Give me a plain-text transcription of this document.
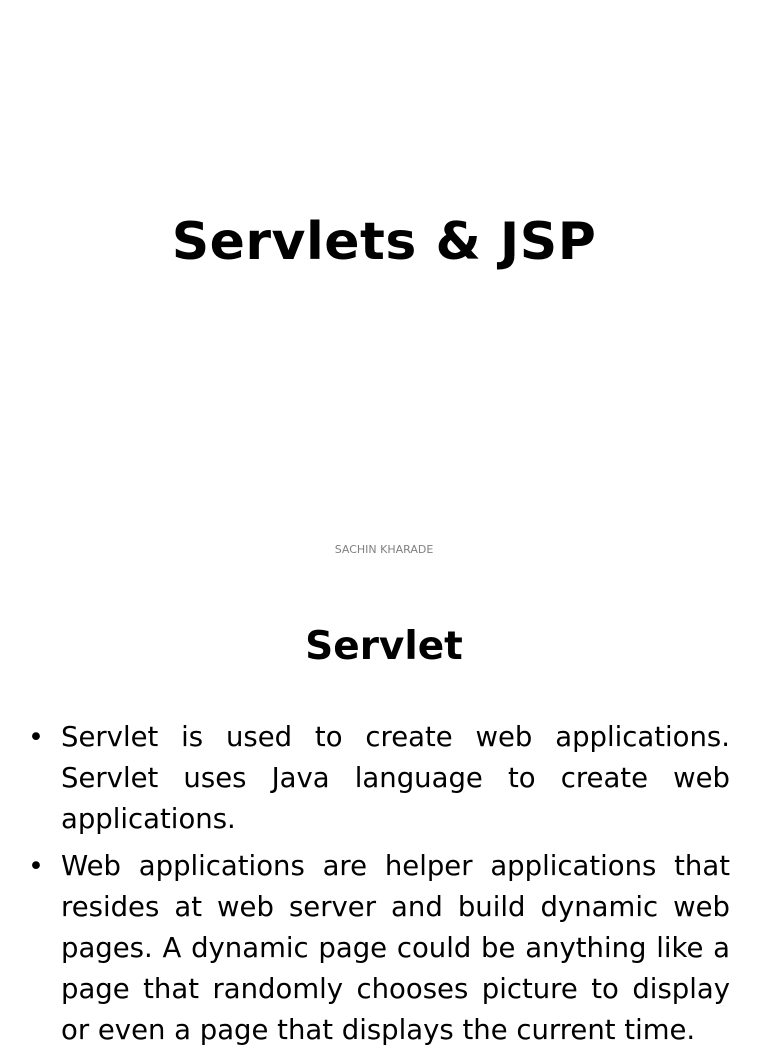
Servlets & JSP
SACHIN KHARADE
Servlet
• Servlet is used to create web applications. Servlet uses Java language to create web applications.
• Web applications are helper applications that resides at web server and build dynamic web pages. A dynamic page could be anything like a page that randomly chooses picture to display or even a page that displays the current time.
